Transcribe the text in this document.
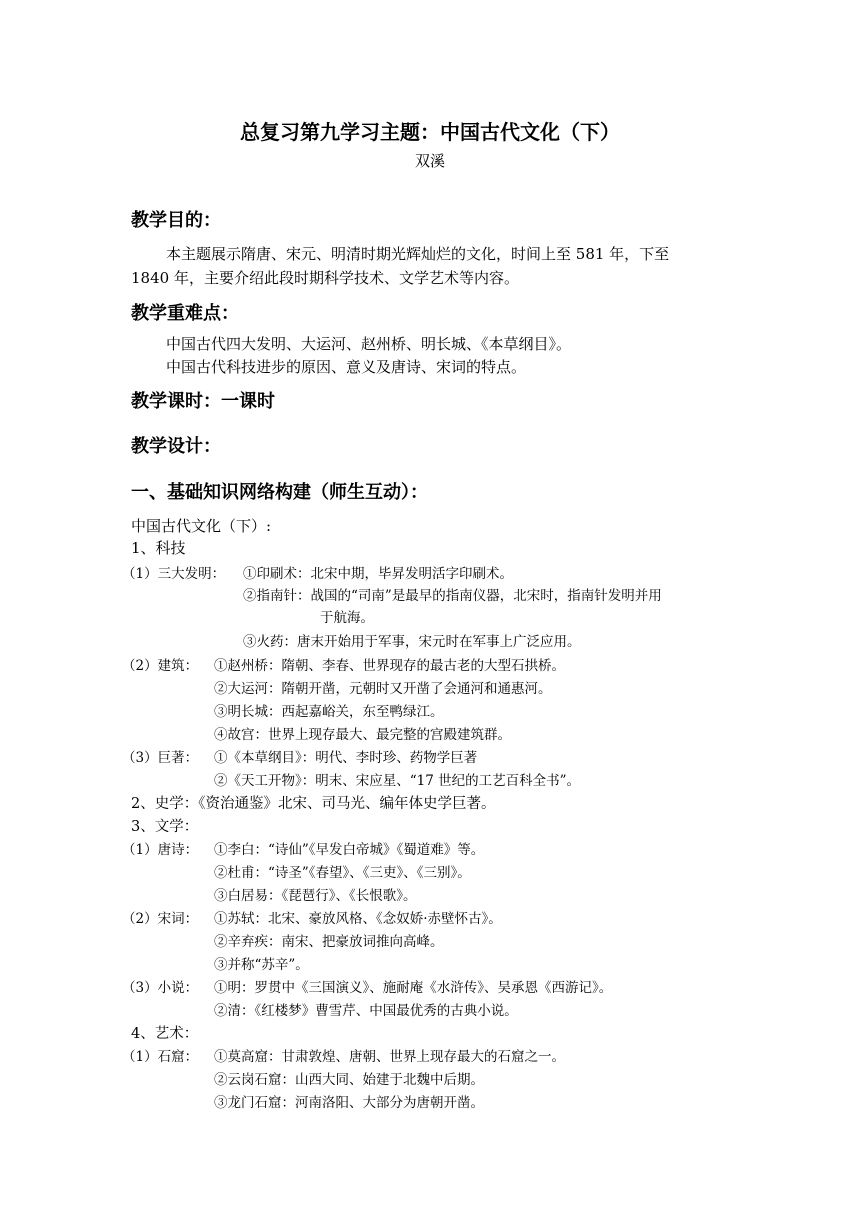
总复习第九学习主题：中国古代文化（下）
双溪
教学目的：
本主题展示隋唐、宋元、明清时期光辉灿烂的文化，时间上至 581 年，下至
1840 年，主要介绍此段时期科学技术、文学艺术等内容。
教学重难点：
中国古代四大发明、大运河、赵州桥、明长城、《本草纲目》。
中国古代科技进步的原因、意义及唐诗、宋词的特点。
教学课时：一课时
教学设计：
一、基础知识网络构建（师生互动）：
中国古代文化（下）:
1、科技
（1）三大发明： ①印刷术：北宋中期，毕昇发明活字印刷术。
②指南针：战国的“司南”是最早的指南仪器，北宋时，指南针发明并用
于航海。
③火药：唐末开始用于军事，宋元时在军事上广泛应用。
（2）建筑： ①赵州桥：隋朝、李春、世界现存的最古老的大型石拱桥。
②大运河：隋朝开凿，元朝时又开凿了会通河和通惠河。
③明长城：西起嘉峪关，东至鸭绿江。
④故宫：世界上现存最大、最完整的宫殿建筑群。
（3）巨著： ①《本草纲目》：明代、李时珍、药物学巨著
②《天工开物》：明末、宋应星、“17 世纪的工艺百科全书”。
2、史学：《资治通鉴》北宋、司马光、编年体史学巨著。
3、文学：
（1）唐诗： ①李白：“诗仙”《早发白帝城》《蜀道难》等。
②杜甫：“诗圣”《春望》、《三吏》、《三别》。
③白居易：《琵琶行》、《长恨歌》。
（2）宋词： ①苏轼：北宋、豪放风格、《念奴娇·赤壁怀古》。
②辛弃疾：南宋、把豪放词推向高峰。
③并称“苏辛”。
（3）小说： ①明：罗贯中《三国演义》、施耐庵《水浒传》、吴承恩《西游记》。
②清：《红楼梦》曹雪芹、中国最优秀的古典小说。
4、艺术：
（1）石窟： ①莫高窟：甘肃敦煌、唐朝、世界上现存最大的石窟之一。
②云岗石窟：山西大同、始建于北魏中后期。
③龙门石窟：河南洛阳、大部分为唐朝开凿。
